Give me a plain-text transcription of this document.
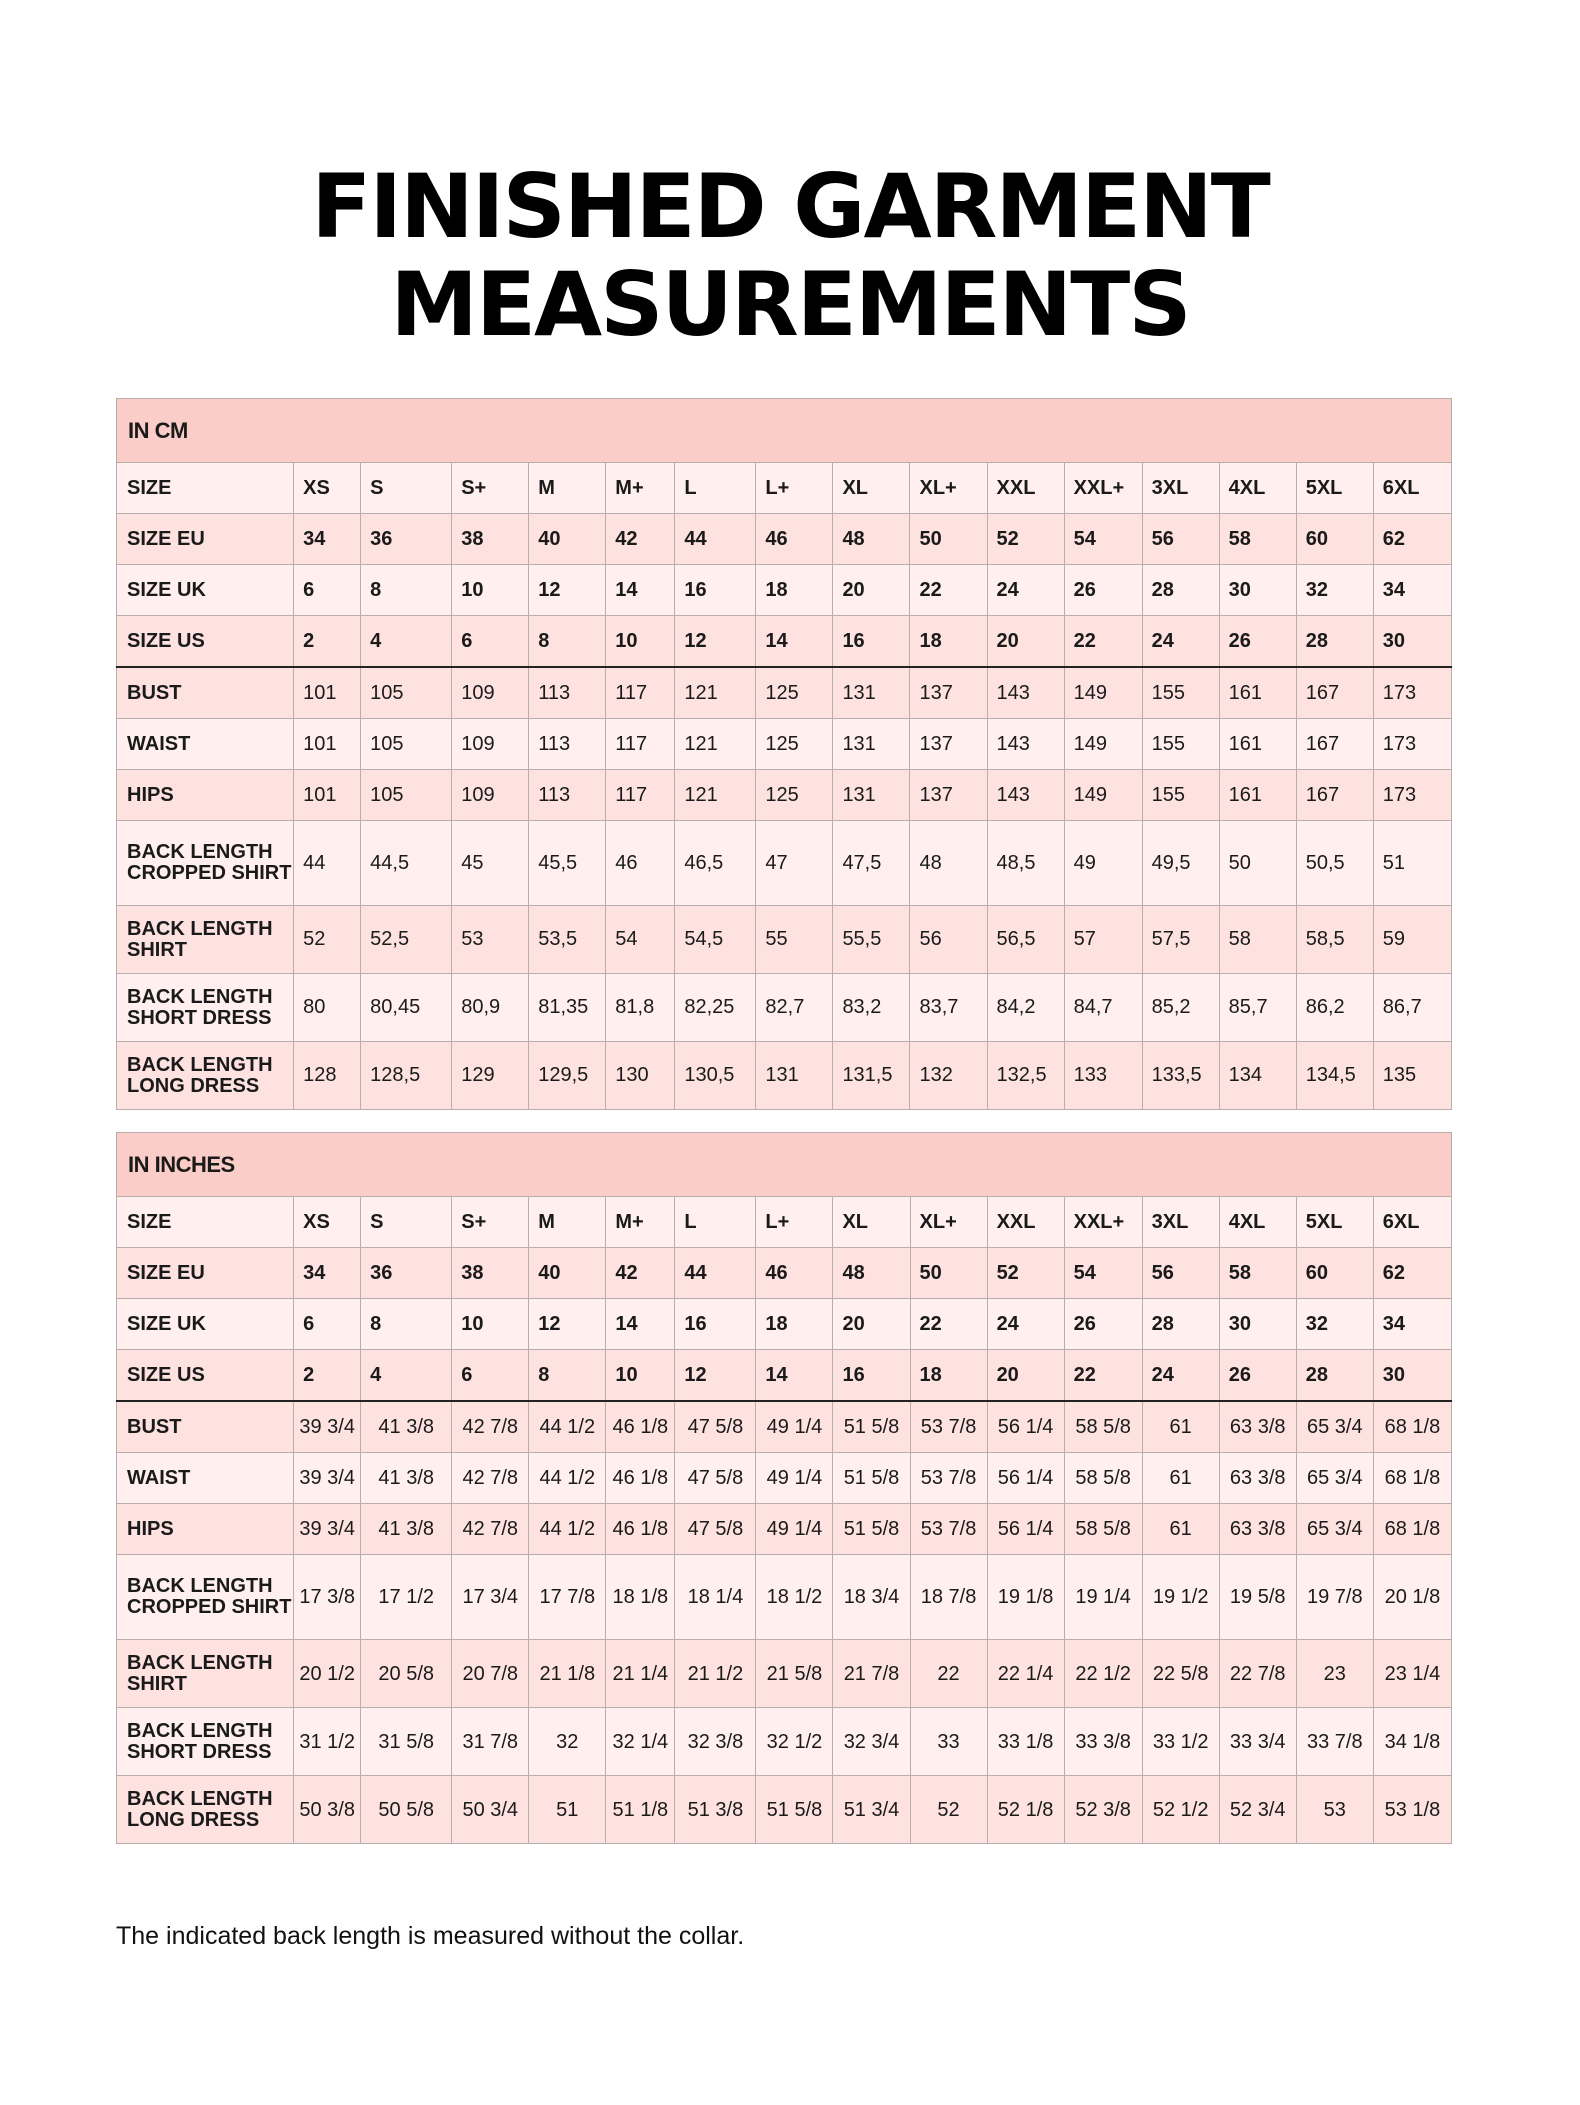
FINISHED GARMENT
MEASUREMENTS
IN CM															
SIZE	XS	S	S+	M	M+	L	L+	XL	XL+	XXL	XXL+	3XL	4XL	5XL	6XL
SIZE EU	34	36	38	40	42	44	46	48	50	52	54	56	58	60	62
SIZE UK	6	8	10	12	14	16	18	20	22	24	26	28	30	32	34
SIZE US	2	4	6	8	10	12	14	16	18	20	22	24	26	28	30
BUST	101	105	109	113	117	121	125	131	137	143	149	155	161	167	173
WAIST	101	105	109	113	117	121	125	131	137	143	149	155	161	167	173
HIPS	101	105	109	113	117	121	125	131	137	143	149	155	161	167	173
BACK LENGTH CROPPED SHIRT	44	44,5	45	45,5	46	46,5	47	47,5	48	48,5	49	49,5	50	50,5	51
BACK LENGTH SHIRT	52	52,5	53	53,5	54	54,5	55	55,5	56	56,5	57	57,5	58	58,5	59
BACK LENGTH SHORT DRESS	80	80,45	80,9	81,35	81,8	82,25	82,7	83,2	83,7	84,2	84,7	85,2	85,7	86,2	86,7
BACK LENGTH LONG DRESS	128	128,5	129	129,5	130	130,5	131	131,5	132	132,5	133	133,5	134	134,5	135
IN INCHES															
SIZE	XS	S	S+	M	M+	L	L+	XL	XL+	XXL	XXL+	3XL	4XL	5XL	6XL
SIZE EU	34	36	38	40	42	44	46	48	50	52	54	56	58	60	62
SIZE UK	6	8	10	12	14	16	18	20	22	24	26	28	30	32	34
SIZE US	2	4	6	8	10	12	14	16	18	20	22	24	26	28	30
BUST	39 3/4	41 3/8	42 7/8	44 1/2	46 1/8	47 5/8	49 1/4	51 5/8	53 7/8	56 1/4	58 5/8	61	63 3/8	65 3/4	68 1/8
WAIST	39 3/4	41 3/8	42 7/8	44 1/2	46 1/8	47 5/8	49 1/4	51 5/8	53 7/8	56 1/4	58 5/8	61	63 3/8	65 3/4	68 1/8
HIPS	39 3/4	41 3/8	42 7/8	44 1/2	46 1/8	47 5/8	49 1/4	51 5/8	53 7/8	56 1/4	58 5/8	61	63 3/8	65 3/4	68 1/8
BACK LENGTH CROPPED SHIRT	17 3/8	17 1/2	17 3/4	17 7/8	18 1/8	18 1/4	18 1/2	18 3/4	18 7/8	19 1/8	19 1/4	19 1/2	19 5/8	19 7/8	20 1/8
BACK LENGTH SHIRT	20 1/2	20 5/8	20 7/8	21 1/8	21 1/4	21 1/2	21 5/8	21 7/8	22	22 1/4	22 1/2	22 5/8	22 7/8	23	23 1/4
BACK LENGTH SHORT DRESS	31 1/2	31 5/8	31 7/8	32	32 1/4	32 3/8	32 1/2	32 3/4	33	33 1/8	33 3/8	33 1/2	33 3/4	33 7/8	34 1/8
BACK LENGTH LONG DRESS	50 3/8	50 5/8	50 3/4	51	51 1/8	51 3/8	51 5/8	51 3/4	52	52 1/8	52 3/8	52 1/2	52 3/4	53	53 1/8
The indicated back length is measured without the collar.
